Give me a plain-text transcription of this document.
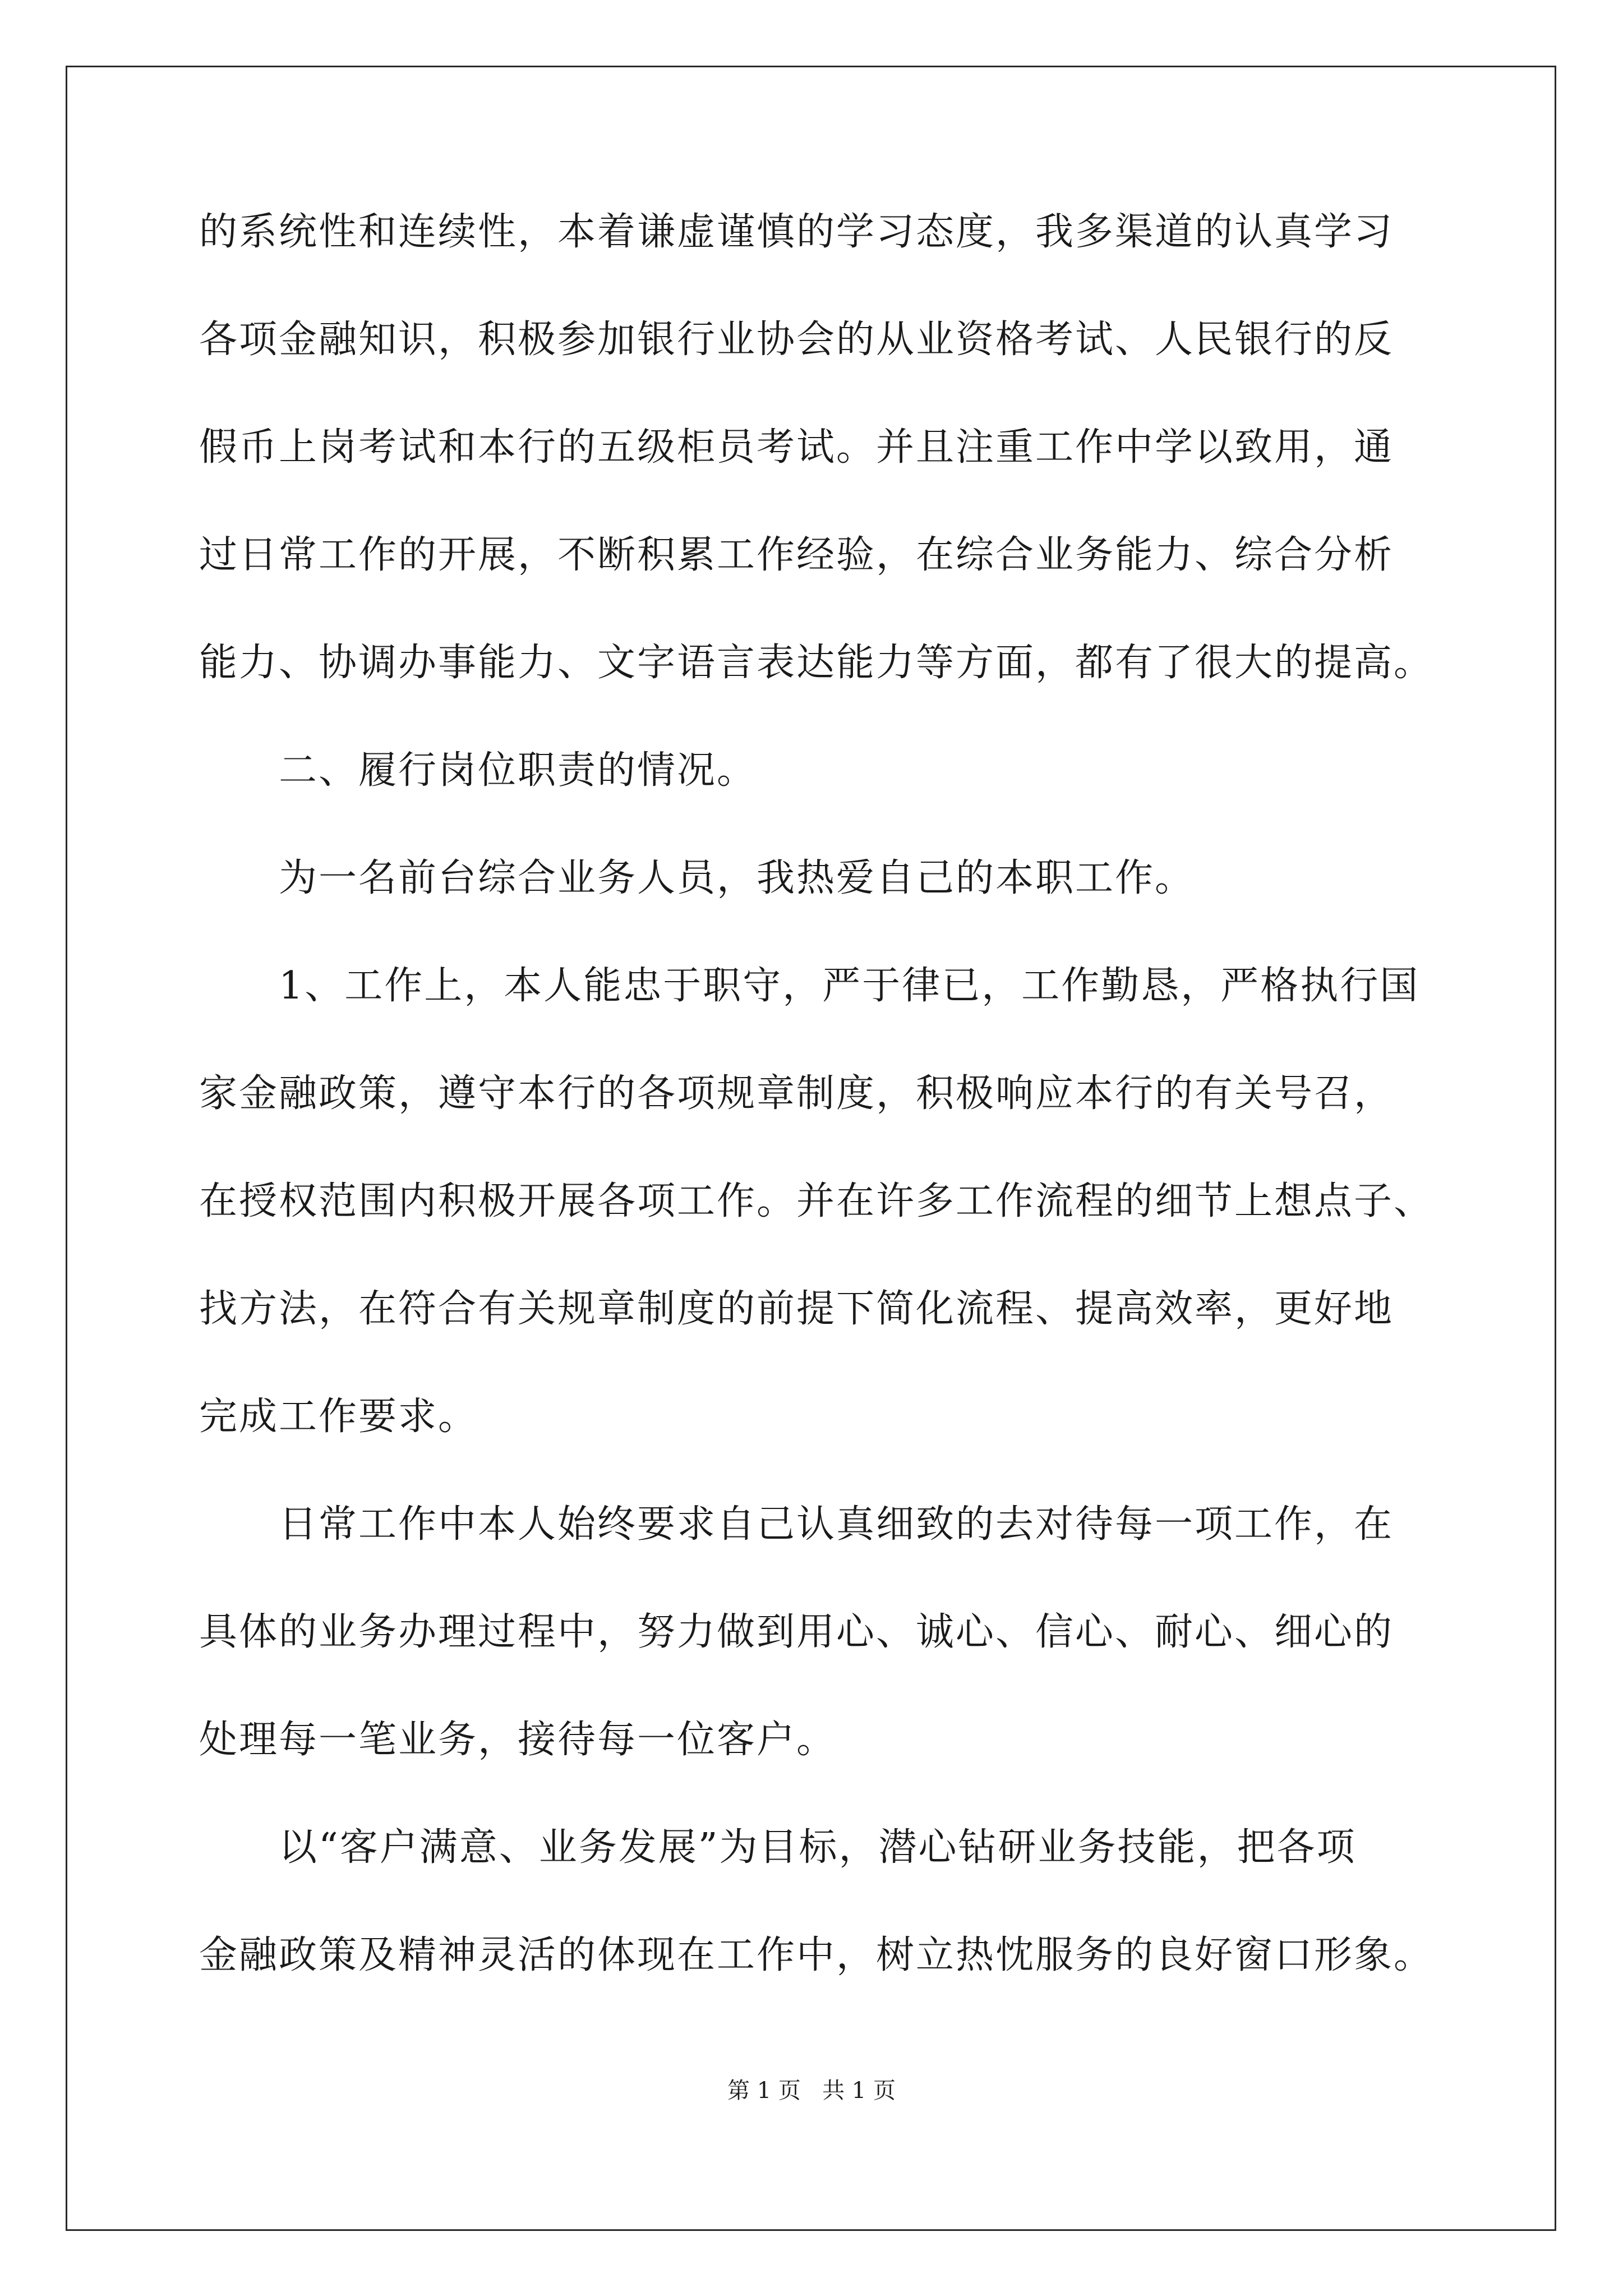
的系统性和连续性，本着谦虚谨慎的学习态度，我多渠道的认真学习
各项金融知识，积极参加银行业协会的从业资格考试、人民银行的反
假币上岗考试和本行的五级柜员考试。并且注重工作中学以致用，通
过日常工作的开展，不断积累工作经验，在综合业务能力、综合分析
能力、协调办事能力、文字语言表达能力等方面，都有了很大的提高。
二、履行岗位职责的情况。
为一名前台综合业务人员，我热爱自己的本职工作。
1、工作上，本人能忠于职守，严于律已，工作勤恳，严格执行国
家金融政策，遵守本行的各项规章制度，积极响应本行的有关号召，
在授权范围内积极开展各项工作。并在许多工作流程的细节上想点子、
找方法，在符合有关规章制度的前提下简化流程、提高效率，更好地
完成工作要求。
日常工作中本人始终要求自己认真细致的去对待每一项工作，在
具体的业务办理过程中，努力做到用心、诚心、信心、耐心、细心的
处理每一笔业务，接待每一位客户。
以“客户满意、业务发展”为目标，潜心钻研业务技能，把各项
金融政策及精神灵活的体现在工作中，树立热忱服务的良好窗口形象。
第 1 页   共 1 页
